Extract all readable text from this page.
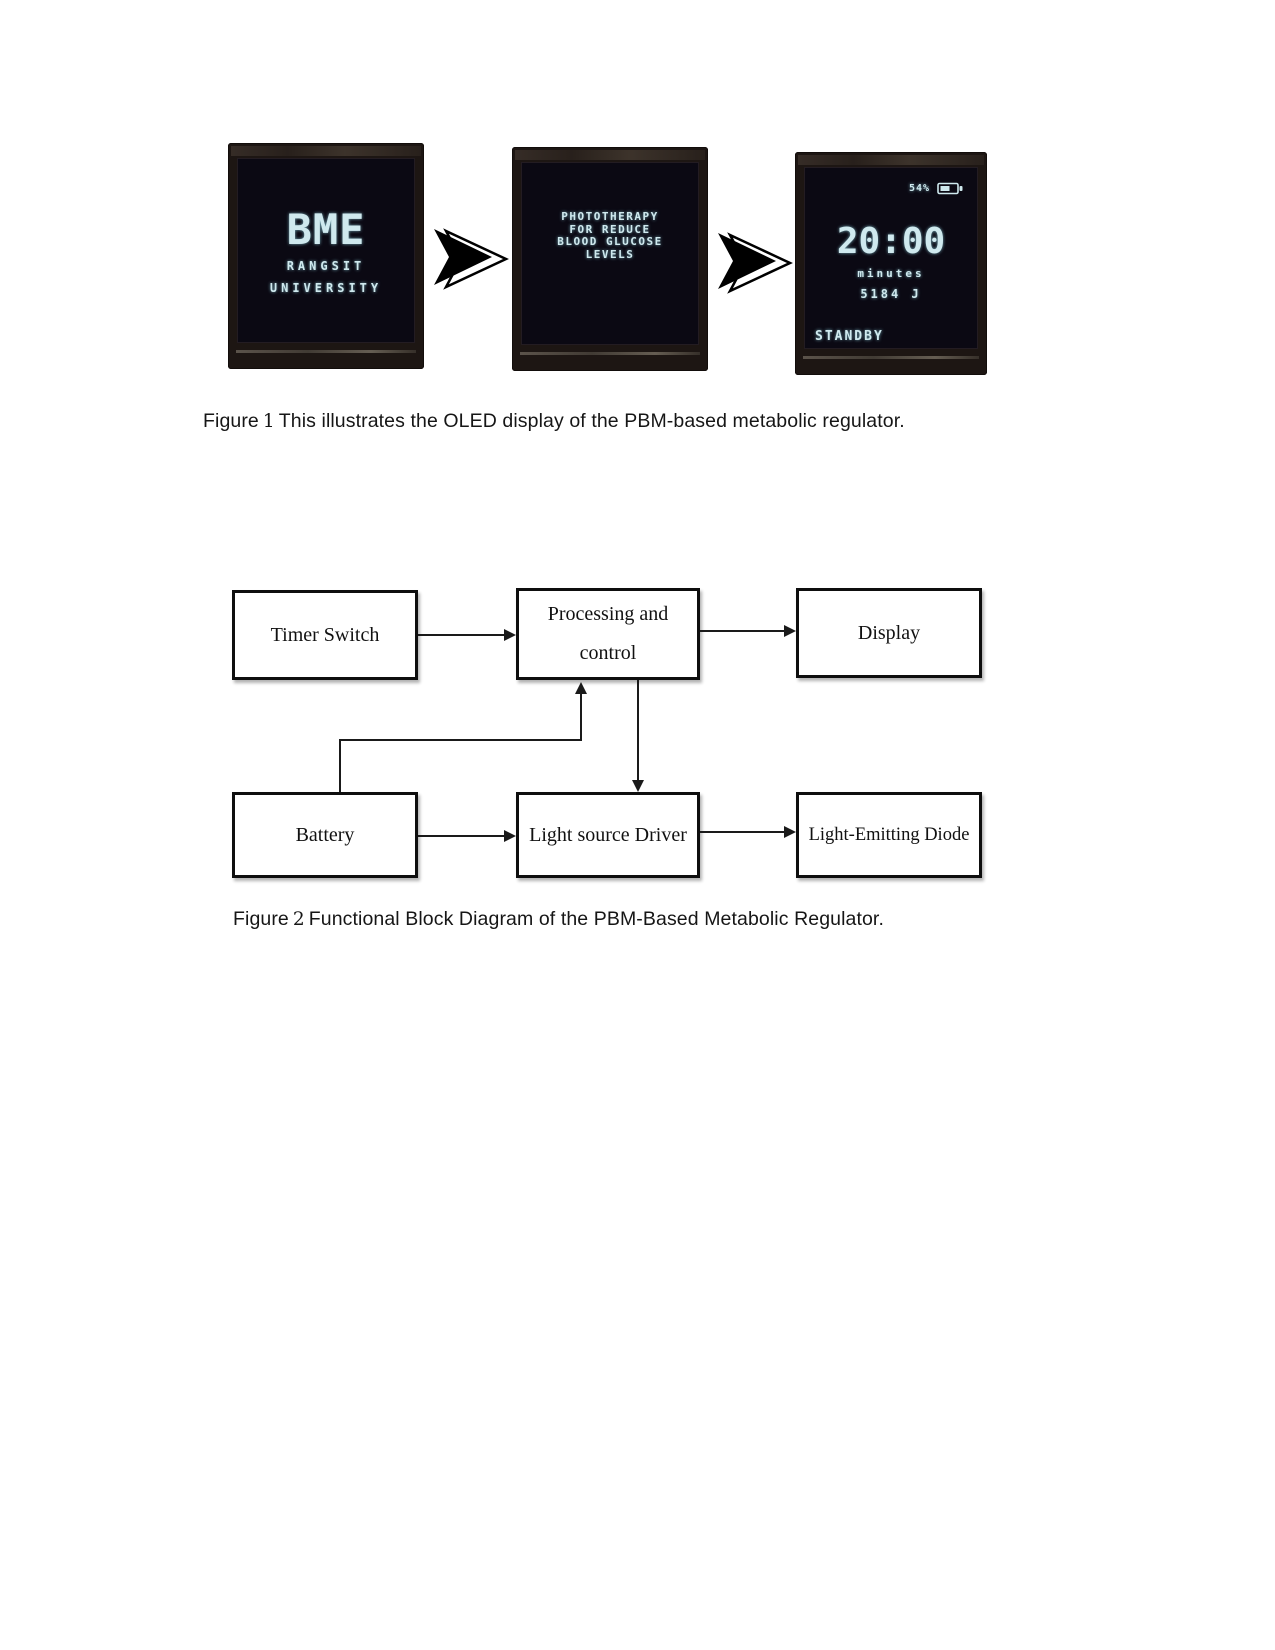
BME
RANGSIT
UNIVERSITY
PHOTOTHERAPY
FOR REDUCE
BLOOD GLUCOSE
LEVELS
54%
20:00
minutes
5184 J
STANDBY
Figure 1 This illustrates the OLED display of the PBM-based metabolic regulator.
Timer Switch
Processing and
control
Display
Battery	Light source Driver	Light-Emitting Diode
Figure 2 Functional Block Diagram of the PBM-Based Metabolic Regulator.
